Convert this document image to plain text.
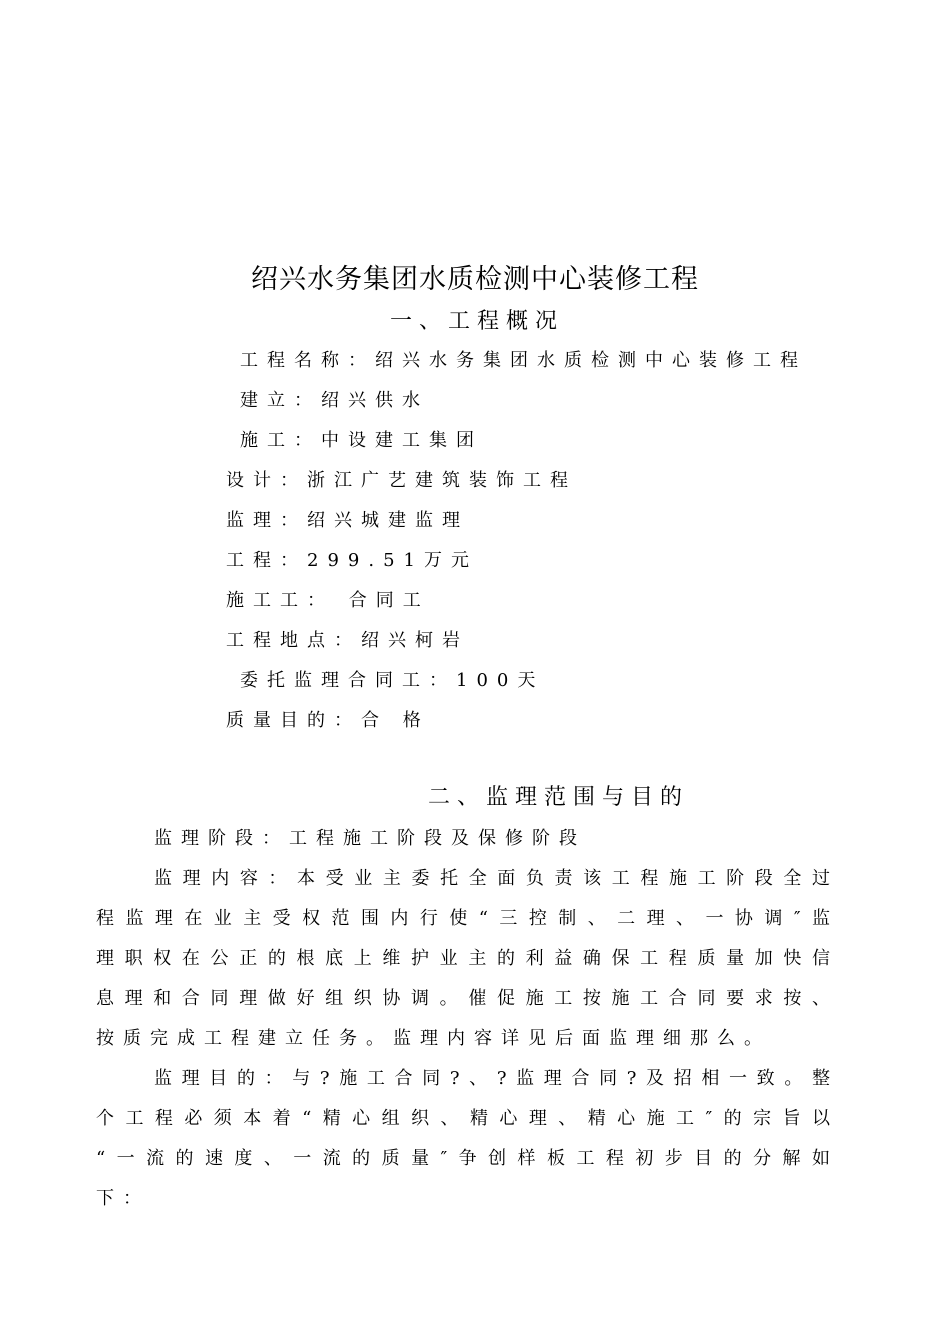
绍兴水务集团水质检测中心装修工程
一、工程概况
工程名称：绍兴水务集团水质检测中心装修工程
建立：绍兴供水
施工：中设建工集团
设计：浙江广艺建筑装饰工程
监理：绍兴城建监理
工程：299.51万元
施工工： 合同工
工程地点：绍兴柯岩
委托监理合同工：100天
质量目的：合 格
二、监理范围与目的
监理阶段：工程施工阶段及保修阶段
监理内容：本受业主委托全面负责该工程施工阶段全过
程监理在业主受权范围内行使“三控制、二理、一协调″监
理职权在公正的根底上维护业主的利益确保工程质量加快信
息理和合同理做好组织协调。催促施工按施工合同要求按、
按质完成工程建立任务。监理内容详见后面监理细那么。
监理目的：与?施工合同?、?监理合同?及招相一致。整
个工程必须本着“精心组织、精心理、精心施工″的宗旨以
“一流的速度、一流的质量″争创样板工程初步目的分解如
下：
